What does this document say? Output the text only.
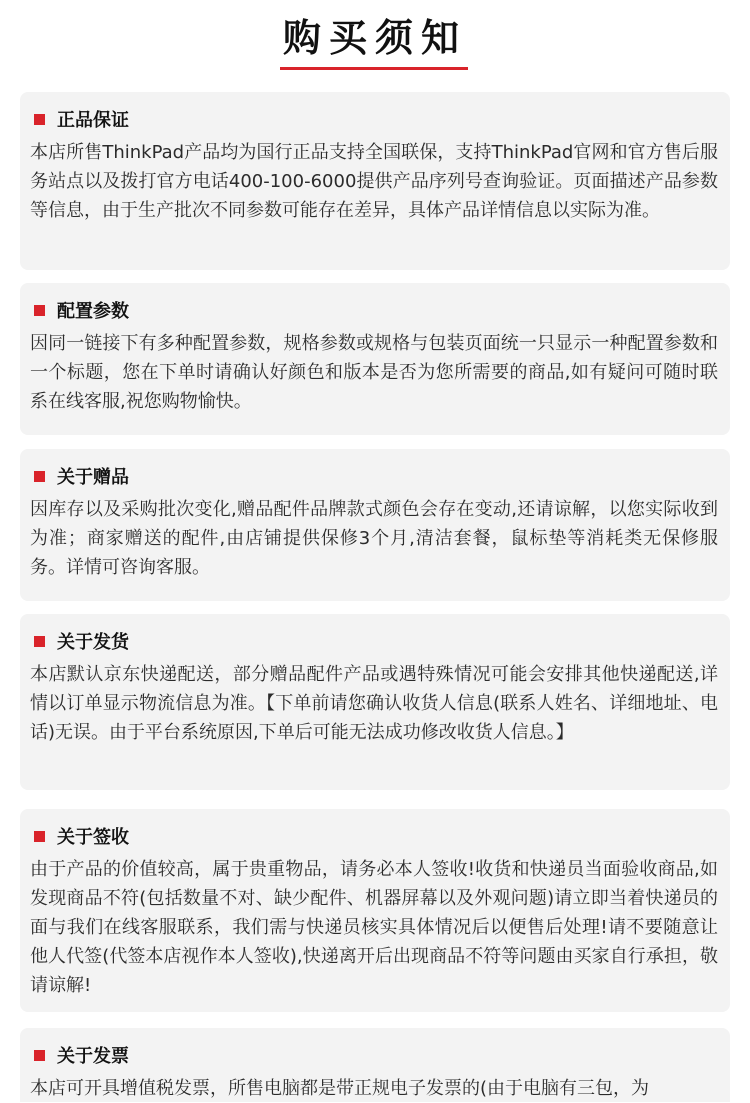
购买须知
正品保证

本店所售ThinkPad产品均为国行正品支持全国联保，支持ThinkPad官网和官方售后服务站点以及拨打官方电话400-100-6000提供产品序列号查询验证。页面描述产品参数等信息，由于生产批次不同参数可能存在差异，具体产品详情信息以实际为准。

配置参数

因同一链接下有多种配置参数，规格参数或规格与包装页面统一只显示一种配置参数和一个标题，您在下单时请确认好颜色和版本是否为您所需要的商品,如有疑问可随时联系在线客服,祝您购物愉快。

关于赠品

因库存以及采购批次变化,赠品配件品牌款式颜色会存在变动,还请谅解，以您实际收到为准；商家赠送的配件,由店铺提供保修3个月,清洁套餐，鼠标垫等消耗类无保修服务。详情可咨询客服。

关于发货

本店默认京东快递配送，部分赠品配件产品或遇特殊情况可能会安排其他快递配送,详情以订单显示物流信息为准。【下单前请您确认收货人信息(联系人姓名、详细地址、电话)无误。由于平台系统原因,下单后可能无法成功修改收货人信息。】

关于签收

由于产品的价值较高，属于贵重物品，请务必本人签收!收货和快递员当面验收商品,如发现商品不符(包括数量不对、缺少配件、机器屏幕以及外观问题)请立即当着快递员的面与我们在线客服联系，我们需与快递员核实具体情况后以便售后处理!请不要随意让他人代签(代签本店视作本人签收),快递离开后出现商品不符等问题由买家自行承担，敬请谅解!

关于发票

本店可开具增值税发票，所售电脑都是带正规电子发票的(由于电脑有三包，为
